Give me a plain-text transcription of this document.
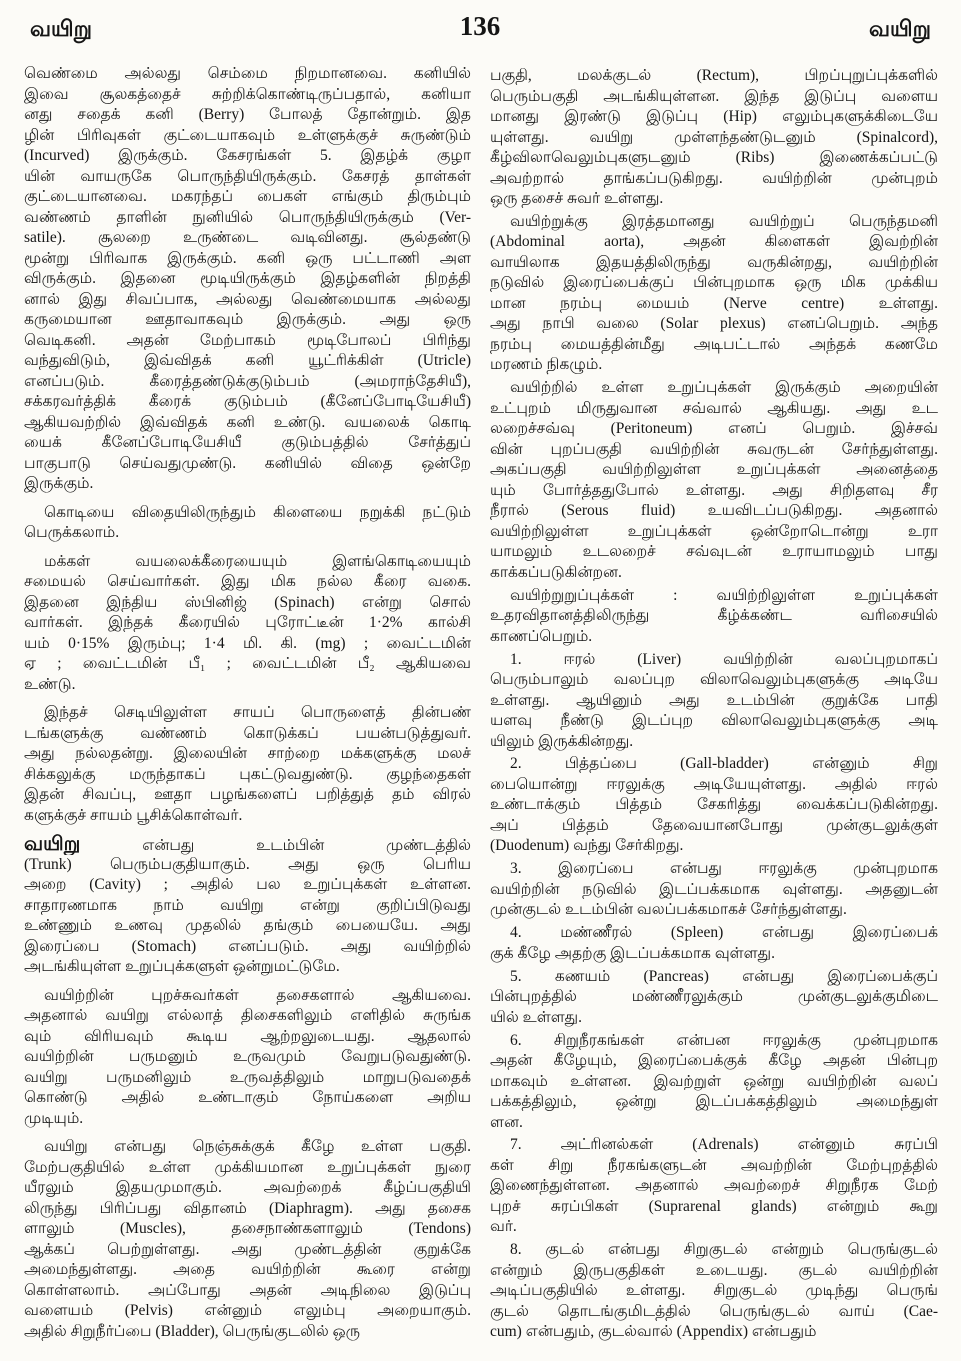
வயிறு	136	வயிறு
வெண்மை அல்லது செம்மை நிறமானவை. கனியில்
இவை சூலகத்தைச் சுற்றிக்கொண்டிருப்பதால், கனியா
னது சதைக் கனி (Berry) போலத் தோன்றும். இத
ழின் பிரிவுகள் குட்டையாகவும் உள்ளுக்குச் சுருண்டும்
(Incurved) இருக்கும். கேசரங்கள் 5. இதழ்க் குழா
யின் வாயருகே பொருந்தியிருக்கும். கேசரத் தாள்கள்
குட்டையானவை. மகரந்தப் பைகள் எங்கும் திரும்பும்
வண்ணம் தாளின் நுனியில் பொருந்தியிருக்கும் (Ver-
satile). சூலறை உருண்டை வடிவினது. சூல்தண்டு
மூன்று பிரிவாக இருக்கும். கனி ஒரு பட்டாணி அள
விருக்கும். இதனை மூடியிருக்கும் இதழ்களின் நிறத்தி
னால் இது சிவப்பாக, அல்லது வெண்மையாக அல்லது
கருமையான ஊதாவாகவும் இருக்கும். அது ஒரு
வெடிகனி. அதன் மேற்பாகம் மூடிபோலப் பிரிந்து
வந்துவிடும், இவ்விதக் கனி யூட்ரிக்கிள் (Utricle)
எனப்படும். கீரைத்தண்டுக்குடும்பம் (அமராந்தேசியீ),
சக்கரவர்த்திக் கீரைக் குடும்பம் (கீனேப்போடியேசியீ)
ஆகியவற்றில் இவ்விதக் கனி உண்டு. வயலைக் கொடி
யைக் கீனேப்போடியேசியீ குடும்பத்தில் சேர்த்துப்
பாகுபாடு செய்வதுமுண்டு. கனியில் விதை ஒன்றே
இருக்கும்.
கொடியை விதையிலிருந்தும் கிளையை நறுக்கி நட்டும்
பெருக்கலாம்.
மக்கள் வயலைக்கீரையையும் இளங்கொடியையும்
சமையல் செய்வார்கள். இது மிக நல்ல கீரை வகை.
இதனை இந்திய ஸ்பினிஜ் (Spinach) என்று சொல்
வார்கள். இந்தக் கீரையில் புரோட்டீன் 1·2% கால்சி
யம் 0·15% இரும்பு; 1·4 மி. கி. (mg) ; வைட்டமின்
ஏ ; வைட்டமின் பீ₁ ; வைட்டமின் பீ₂ ஆகியவை
உண்டு.
இந்தச் செடியிலுள்ள சாயப் பொருளைத் தின்பண்
டங்களுக்கு வண்ணம் கொடுக்கப் பயன்படுத்துவர்.
அது நல்லதன்று. இலையின் சாற்றை மக்களுக்கு மலச்
சிக்கலுக்கு மருந்தாகப் புகட்டுவதுண்டு. குழந்தைகள்
இதன் சிவப்பு, ஊதா பழங்களைப் பறித்துத் தம் விரல்
களுக்குச் சாயம் பூசிக்கொள்வர்.
வயிறு	என்பது உடம்பின் முண்டத்தில்
(Trunk) பெரும்பகுதியாகும். அது ஒரு பெரிய
அறை (Cavity) ; அதில் பல உறுப்புக்கள் உள்ளன.
சாதாரணமாக நாம் வயிறு என்று குறிப்பிடுவது
உண்ணும் உணவு முதலில் தங்கும் பையையே. அது
இரைப்பை (Stomach) எனப்படும். அது வயிற்றில்
அடங்கியுள்ள உறுப்புக்களுள் ஒன்றுமட்டுமே.
வயிற்றின் புறச்சுவர்கள் தசைகளால் ஆகியவை.
அதனால் வயிறு எல்லாத் திசைகளிலும் எளிதில் சுருங்க
வும் விரியவும் கூடிய ஆற்றலுடையது. ஆதலால்
வயிற்றின் பருமனும் உருவமும் வேறுபடுவதுண்டு.
வயிறு பருமனிலும் உருவத்திலும் மாறுபடுவதைக்
கொண்டு அதில் உண்டாகும் நோய்களை அறிய
முடியும்.
வயிறு என்பது நெஞ்சுக்குக் கீழே உள்ள பகுதி.
மேற்பகுதியில் உள்ள முக்கியமான உறுப்புக்கள் நுரை
யீரலும் இதயமுமாகும். அவற்றைக் கீழ்ப்பகுதியி
லிருந்து பிரிப்பது விதானம் (Diaphragm). அது தசைக
ளாலும் (Muscles), தசைநாண்களாலும் (Tendons)
ஆக்கப் பெற்றுள்ளது. அது முண்டத்தின் குறுக்கே
அமைந்துள்ளது. அதை வயிற்றின் கூரை என்று
கொள்ளலாம். அப்போது அதன் அடிநிலை இடுப்பு
வளையம் (Pelvis) என்னும் எலும்பு அறையாகும்.
அதில் சிறுநீர்ப்பை (Bladder), பெருங்குடலில் ஒரு
பகுதி, மலக்குடல் (Rectum), பிறப்புறுப்புக்களில்
பெரும்பகுதி அடங்கியுள்ளன. இந்த இடுப்பு வளைய
மானது இரண்டு இடுப்பு (Hip) எலும்புகளுக்கிடையே
யுள்ளது. வயிறு முள்ளந்தண்டுடனும் (Spinalcord),
கீழ்விலாவெலும்புகளுடனும் (Ribs) இணைக்கப்பட்டு
அவற்றால் தாங்கப்படுகிறது. வயிற்றின் முன்புறம்
ஒரு தசைச் சுவர் உள்ளது.
வயிற்றுக்கு இரத்தமானது வயிற்றுப் பெருந்தமனி
(Abdominal aorta), அதன் கிளைகள் இவற்றின்
வாயிலாக இதயத்திலிருந்து வருகின்றது, வயிற்றின்
நடுவில் இரைப்பைக்குப் பின்புறமாக ஒரு மிக முக்கிய
மான நரம்பு மையம் (Nerve centre) உள்ளது.
அது நாபி வலை (Solar plexus) எனப்பெறும். அந்த
நரம்பு மையத்தின்மீது அடிபட்டால் அந்தக் கணமே
மரணம் நிகழும்.
வயிற்றில் உள்ள உறுப்புக்கள் இருக்கும் அறையின்
உட்புறம் மிருதுவான சவ்வால் ஆகியது. அது உட
லறைச்சவ்வு (Peritoneum) எனப் பெறும். இச்சவ்
வின் புறப்பகுதி வயிற்றின் சுவருடன் சேர்ந்துள்ளது.
அகப்பகுதி வயிற்றிலுள்ள உறுப்புக்கள் அனைத்தை
யும் போர்த்ததுபோல் உள்ளது. அது சிறிதளவு சீர
நீரால் (Serous fluid) உயவிடப்படுகிறது. அதனால்
வயிற்றிலுள்ள உறுப்புக்கள் ஒன்றோடொன்று உரா
யாமலும் உடலறைச் சவ்வுடன் உராயாமலும் பாது
காக்கப்படுகின்றன.
வயிற்றுறுப்புக்கள் : வயிற்றிலுள்ள உறுப்புக்கள்
உதரவிதானத்திலிருந்து கீழ்க்கண்ட வரிசையில்
காணப்பெறும்.
1. ஈரல் (Liver) வயிற்றின் வலப்புறமாகப்
பெரும்பாலும் வலப்புற விலாவெலும்புகளுக்கு அடியே
உள்ளது. ஆயினும் அது உடம்பின் குறுக்கே பாதி
யளவு நீண்டு இடப்புற விலாவெலும்புகளுக்கு அடி
யிலும் இருக்கின்றது.
2. பித்தப்பை (Gall-bladder) என்னும் சிறு
பையொன்று ஈரலுக்கு அடியேயுள்ளது. அதில் ஈரல்
உண்டாக்கும் பித்தம் சேகரித்து வைக்கப்படுகின்றது.
அப் பித்தம் தேவையானபோது முன்குடலுக்குள்
(Duodenum) வந்து சேர்கிறது.
3. இரைப்பை என்பது ஈரலுக்கு முன்புறமாக
வயிற்றின் நடுவில் இடப்பக்கமாக வுள்ளது. அதனுடன்
முன்குடல் உடம்பின் வலப்பக்கமாகச் சேர்ந்துள்ளது.
4. மண்ணீரல் (Spleen) என்பது இரைப்பைக்
குக் கீழே அதற்கு இடப்பக்கமாக வுள்ளது.
5. கணயம் (Pancreas) என்பது இரைப்பைக்குப்
பின்புறத்தில் மண்ணீரலுக்கும் முன்குடலுக்குமிடை
யில் உள்ளது.
6. சிறுநீரகங்கள் என்பன ஈரலுக்கு முன்புறமாக
அதன் கீழேயும், இரைப்பைக்குக் கீழே அதன் பின்புற
மாகவும் உள்ளன. இவற்றுள் ஒன்று வயிற்றின் வலப்
பக்கத்திலும், ஒன்று இடப்பக்கத்திலும் அமைந்துள்
ளன.
7. அட்ரினல்கள் (Adrenals) என்னும் சுரப்பி
கள் சிறு நீரகங்களுடன் அவற்றின் மேற்புறத்தில்
இணைந்துள்ளன. அதனால் அவற்றைச் சிறுநீரக மேற்
புறச் சுரப்பிகள் (Suprarenal glands) என்றும் கூறு
வர்.
8. குடல் என்பது சிறுகுடல் என்றும் பெருங்குடல்
என்றும் இருபகுதிகள் உடையது. குடல் வயிற்றின்
அடிப்பகுதியில் உள்ளது. சிறுகுடல் முடிந்து பெருங்
குடல் தொடங்குமிடத்தில் பெருங்குடல் வாய் (Cae-
cum) என்பதும், குடல்வால் (Appendix) என்பதும்
